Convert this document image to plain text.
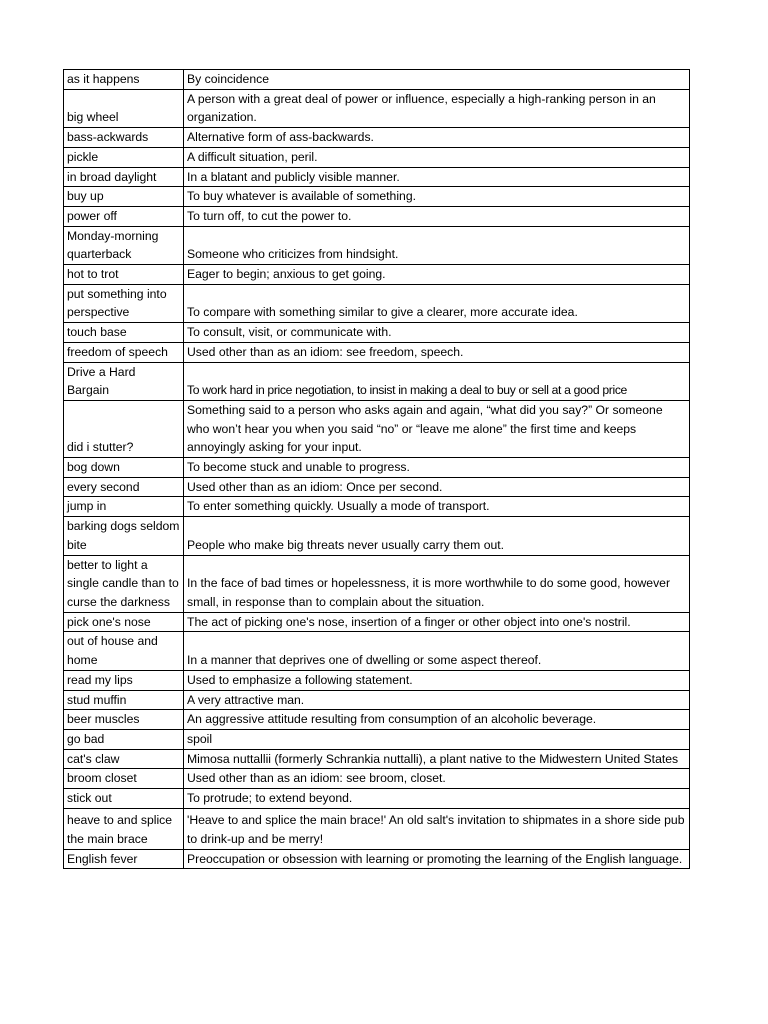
as it happens	By coincidence
big wheel	A person with a great deal of power or influence, especially a high-ranking person in an organization.
bass-ackwards	Alternative form of ass-backwards.
pickle	A difficult situation, peril.
in broad daylight	In a blatant and publicly visible manner.
buy up	To buy whatever is available of something.
power off	To turn off, to cut the power to.
Monday-morning quarterback	Someone who criticizes from hindsight.
hot to trot	Eager to begin; anxious to get going.
put something into perspective	To compare with something similar to give a clearer, more accurate idea.
touch base	To consult, visit, or communicate with.
freedom of speech	Used other than as an idiom: see freedom, speech.
Drive a Hard Bargain	To work hard in price negotiation, to insist in making a deal to buy or sell at a good price
did i stutter?	Something said to a person who asks again and again, “what did you say?” Or someone who won’t hear you when you said “no” or “leave me alone” the first time and keeps annoyingly asking for your input.
bog down	To become stuck and unable to progress.
every second	Used other than as an idiom: Once per second.
jump in	To enter something quickly. Usually a mode of transport.
barking dogs seldom bite	People who make big threats never usually carry them out.
better to light a single candle than to curse the darkness	In the face of bad times or hopelessness, it is more worthwhile to do some good, however small, in response than to complain about the situation.
pick one's nose	The act of picking one's nose, insertion of a finger or other object into one's nostril.
out of house and home	In a manner that deprives one of dwelling or some aspect thereof.
read my lips	Used to emphasize a following statement.
stud muffin	A very attractive man.
beer muscles	An aggressive attitude resulting from consumption of an alcoholic beverage.
go bad	spoil
cat's claw	Mimosa nuttallii (formerly Schrankia nuttalli), a plant native to the Midwestern United States
broom closet	Used other than as an idiom: see broom, closet.
stick out	To protrude; to extend beyond.
heave to and splice the main brace	'Heave to and splice the main brace!' An old salt's invitation to shipmates in a shore side pub to drink-up and be merry!
English fever	Preoccupation or obsession with learning or promoting the learning of the English language.
